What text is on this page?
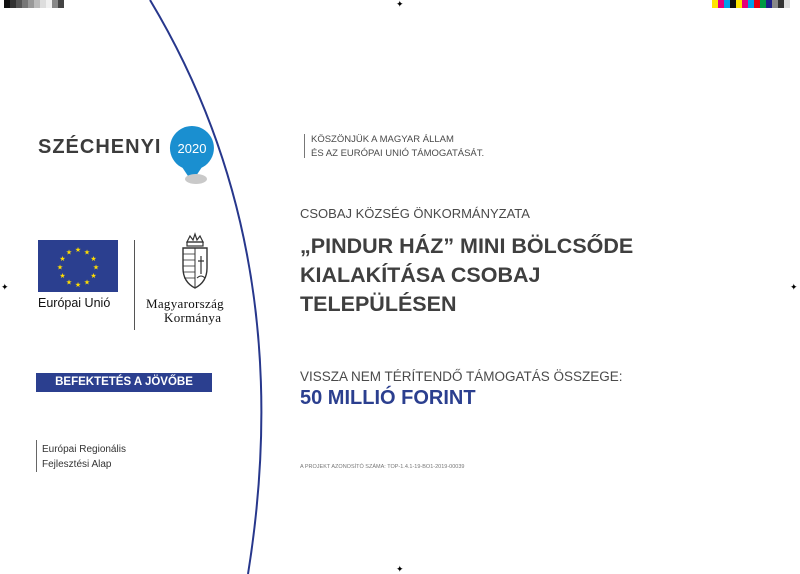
✦
✦
✦	✦
SZÉCHENYI 2020
★ ★
★
★
★
★
★
★
★
★
★
★
Európai Unió	Magyarország
Kormánya
BEFEKTETÉS A JÖVŐBE
Európai Regionális
Fejlesztési Alap
KÖSZÖNJÜK A MAGYAR ÁLLAM
ÉS AZ EURÓPAI UNIÓ TÁMOGATÁSÁT.
CSOBAJ KÖZSÉG ÖNKORMÁNYZATA
„PINDUR HÁZ” MINI BÖLCSŐDE
KIALAKÍTÁSA CSOBAJ
TELEPÜLÉSEN
VISSZA NEM TÉRÍTENDŐ TÁMOGATÁS ÖSSZEGE:
50 MILLIÓ FORINT
A PROJEKT AZONOSÍTÓ SZÁMA: TOP-1.4.1-19-BO1-2019-00039
